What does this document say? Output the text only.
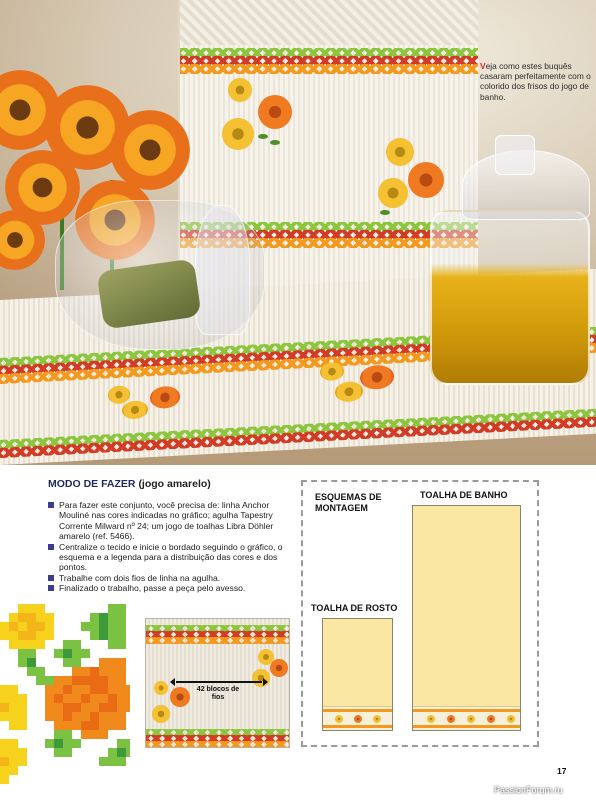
Veja como estes buquês casaram perfeitamente com o colorido dos frisos do jogo de banho.

MODO DE FAZER (jogo amarelo)
Para fazer este conjunto, você precisa de: linha Anchor Mouliné nas cores indicadas no gráfico; agulha Tapestry Corrente Milward nº 24; um jogo de toalhas Libra Döhler amarelo (ref. 5466).
Centralize o tecido e inicie o bordado seguindo o gráfico, o esquema e a legenda para a distribuição das cores e dos pontos.
Trabalhe com dois fios de linha na agulha.
Finalizado o trabalho, passe a peça pelo avesso.
42 blocos de fios
ESQUEMAS DE MONTAGEM
TOALHA DE BANHO
TOALHA DE ROSTO
17
PassionForum.ru
